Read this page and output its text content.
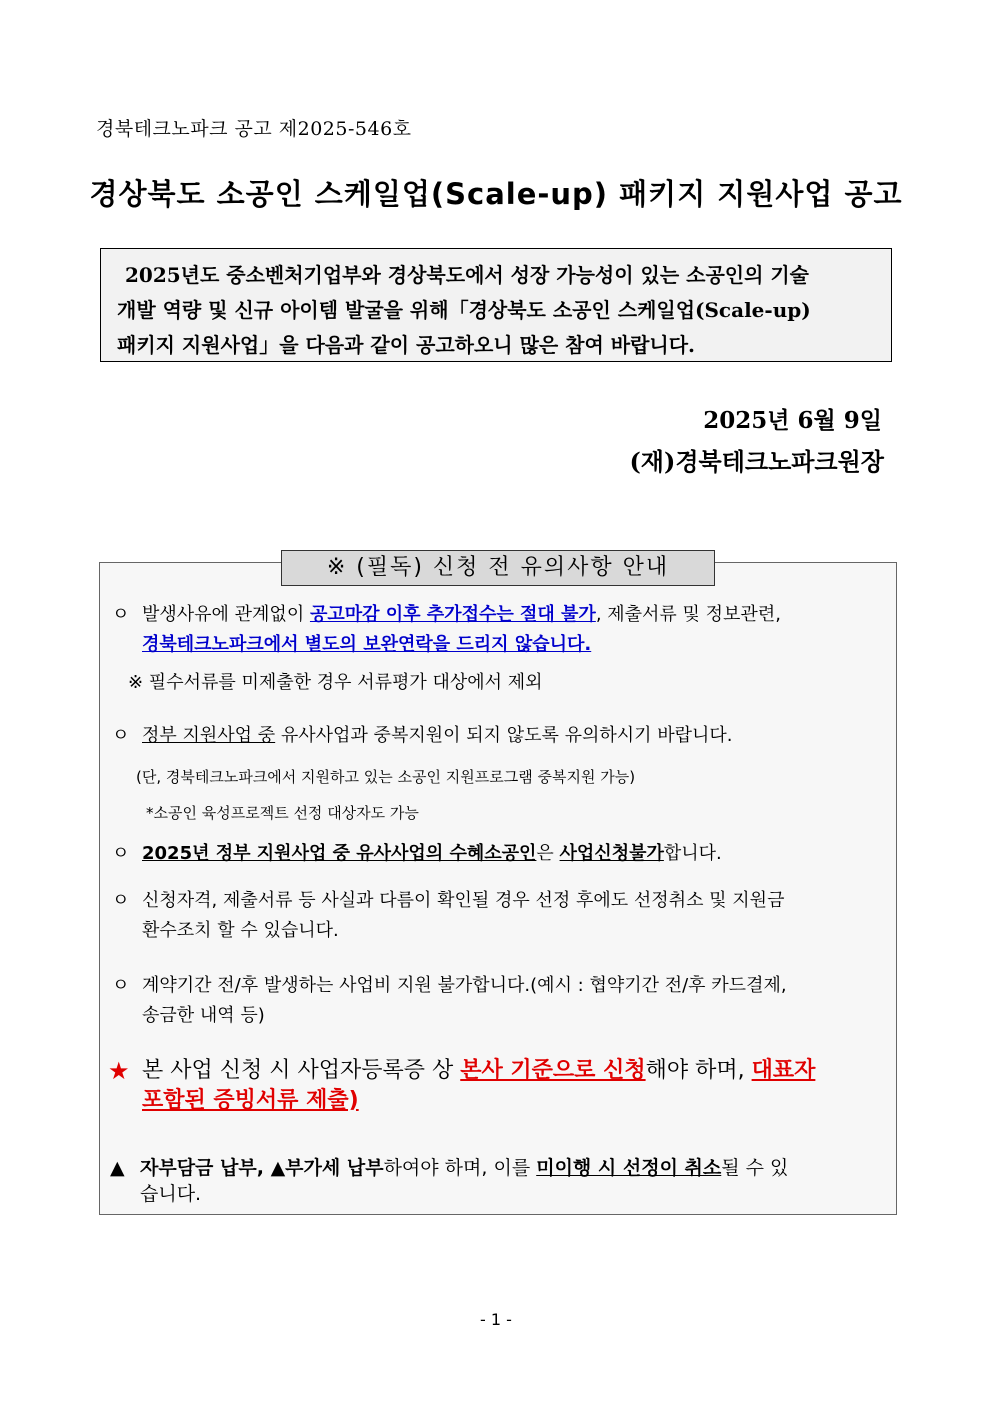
경북테크노파크 공고 제2025-546호
경상북도 소공인 스케일업(Scale-up) 패키지 지원사업 공고

2025년도 중소벤처기업부와 경상북도에서 성장 가능성이 있는 소공인의 기술

개발 역량 및 신규 아이템 발굴을 위해「경상북도 소공인 스케일업(Scale-up)

패키지 지원사업」을 다음과 같이 공고하오니 많은 참여 바랍니다.

2025년 6월 9일
(재)경북테크노파크원장
※ (필독) 신청 전 유의사항 안내
ㅇ 발생사유에 관계없이 공고마감 이후 추가접수는 절대 불가, 제출서류 및 정보관련,
경북테크노파크에서 별도의 보완연락을 드리지 않습니다.
※ 필수서류를 미제출한 경우 서류평가 대상에서 제외
ㅇ 정부 지원사업 중 유사사업과 중복지원이 되지 않도록 유의하시기 바랍니다.
(단, 경북테크노파크에서 지원하고 있는 소공인 지원프로그램 중복지원 가능)
*소공인 육성프로젝트 선정 대상자도 가능
ㅇ 2025년 정부 지원사업 중 유사사업의 수혜소공인은 사업신청불가합니다.
ㅇ 신청자격, 제출서류 등 사실과 다름이 확인될 경우 선정 후에도 선정취소 및 지원금
환수조치 할 수 있습니다.
ㅇ 계약기간 전/후 발생하는 사업비 지원 불가합니다.(예시 : 협약기간 전/후 카드결제,
송금한 내역 등)
★ 본 사업 신청 시 사업자등록증 상 본사 기준으로 신청해야 하며, 대표자
포함된 증빙서류 제출)
▲ 자부담금 납부, ▲부가세 납부하여야 하며, 이를 미이행 시 선정이 취소될 수 있
습니다.
- 1 -
